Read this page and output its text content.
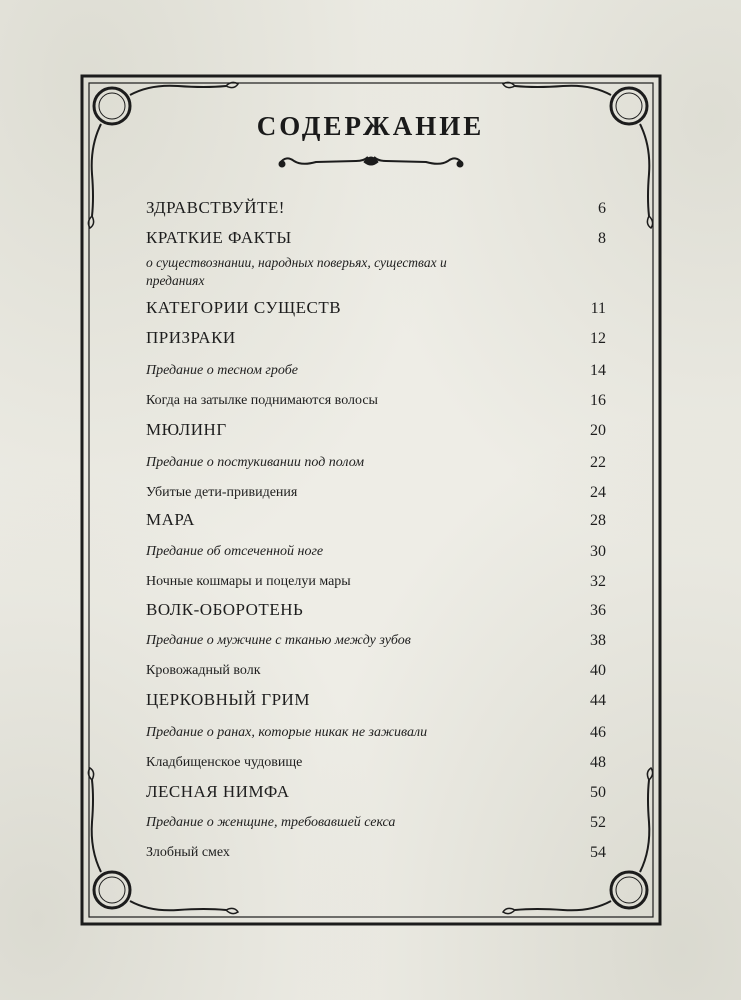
СОДЕРЖАНИЕ
ЗДРАВСТВУЙТЕ!	6
КРАТКИЕ ФАКТЫ	8
КАТЕГОРИИ СУЩЕСТВ	11
ПРИЗРАКИ	12
Предание о тесном гробе	14
Когда на затылке поднимаются волосы	16
МЮЛИНГ	20
Предание о постукивании под полом	22
Убитые дети-привидения	24
МАРА	28
Предание об отсеченной ноге	30
Ночные кошмары и поцелуи мары	32
ВОЛК-ОБОРОТЕНЬ	36
Предание о мужчине с тканью между зубов	38
Кровожадный волк	40
ЦЕРКОВНЫЙ ГРИМ	44
Предание о ранах, которые никак не заживали	46
Кладбищенское чудовище	48
ЛЕСНАЯ НИМФА	50
Предание о женщине, требовавшей секса	52
Злобный смех	54
о существознании, народных поверьях, существах и преданиях
